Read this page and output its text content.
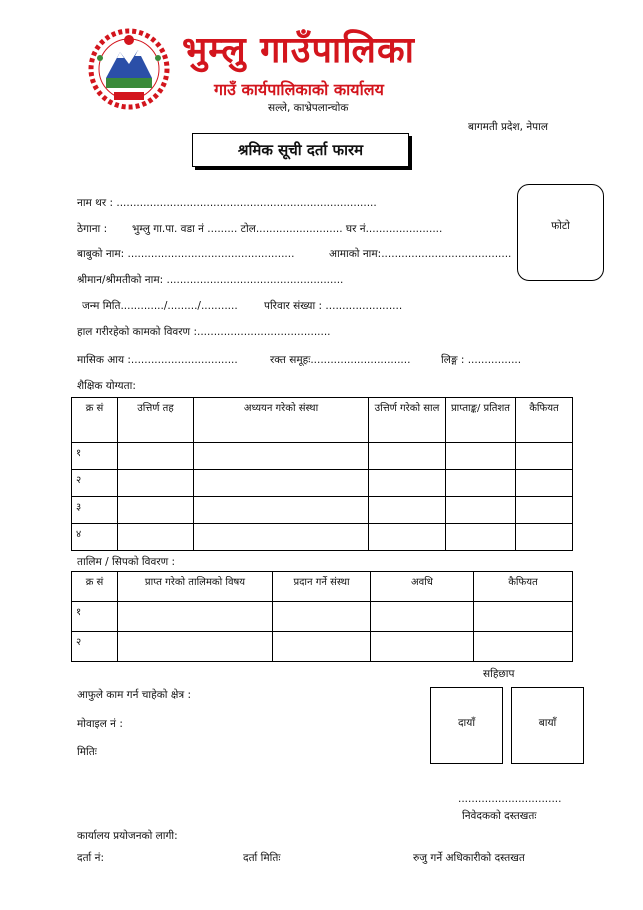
भुम्लु गाउँपालिका
गाउँ कार्यपालिकाको कार्यालय
सल्ले, काभ्रेपलान्चोक
बागमती प्रदेश, नेपाल
श्रमिक सूची दर्ता फारम
फोटो
नाम थर : ..............................................................................
ठेगाना : भुम्लु गा.पा. वडा नं ......... टोल.......................... घर नं.......................
बाबुको नाम: ..................................................	आमाको नाम:.......................................
श्रीमान/श्रीमतीको नाम: .....................................................
जन्म मिति............./........./...........	परिवार संख्या : .......................
हाल गरीरहेको कामको विवरण :........................................
मासिक आय :................................	रक्त समूहः..............................	लिङ्ग : ................
शैक्षिक योग्यता:
क्र सं	उत्तिर्ण तह	अध्ययन गरेको संस्था	उत्तिर्ण गरेको साल	प्राप्ताङ्क/ प्रतिशत	कैफियत
१					
२					
३					
४					
तालिम / सिपको विवरण :
क्र सं	प्राप्त गरेको तालिमको विषय	प्रदान गर्ने संस्था	अवधि	कैफियत
१				
२				
सहिछाप
दायाँ	बायाँ
आफुले काम गर्न चाहेको क्षेत्र :
मोवाइल नं :
मितिः
...............................
निवेदकको दस्तखतः
कार्यालय प्रयोजनको लागी:
दर्ता नं:	दर्ता मितिः	रुजु गर्ने अधिकारीको दस्तखत
